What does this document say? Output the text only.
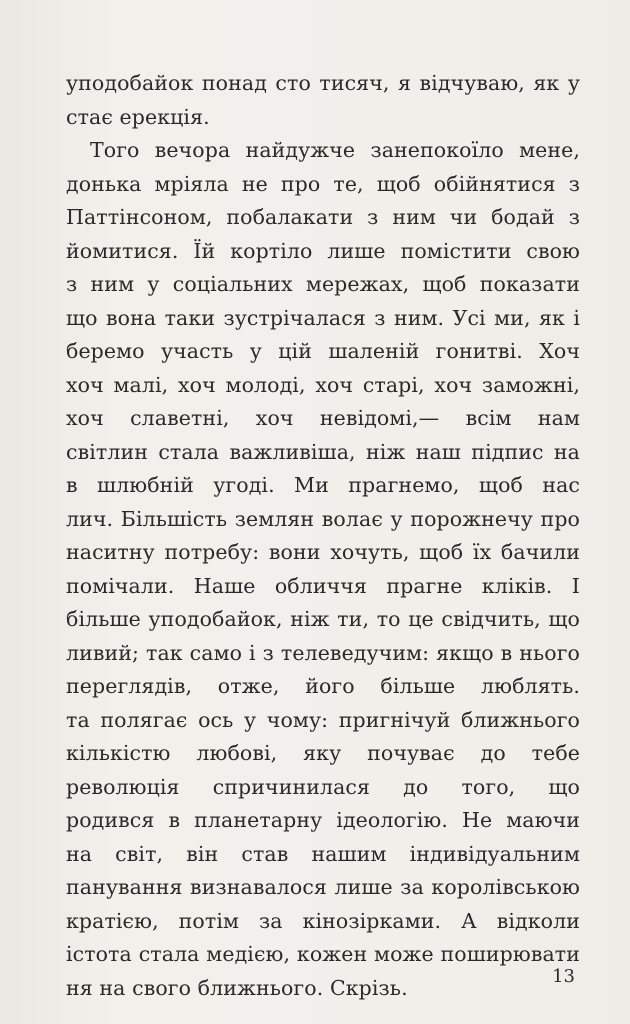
уподобайок понад сто тисяч, я відчуваю, як у
стає ерекція.
Того вечора найдужче занепокоїло мене,
донька мріяла не про те, щоб обійнятися з
Паттінсоном, побалакати з ним чи бодай з
йомитися. Їй кортіло лише помістити свою
з ним у соціальних мережах, щоб показати
що вона таки зустрічалася з ним. Усі ми, як і
беремо участь у цій шаленій гонитві. Хоч
хоч малі, хоч молоді, хоч старі, хоч заможні,
хоч славетні, хоч невідомі,— всім нам
світлин стала важливіша, ніж наш підпис на
в шлюбній угоді. Ми прагнемо, щоб нас
лич. Більшість землян волає у порожнечу про
наситну потребу: вони хочуть, щоб їх бачили
помічали. Наше обличчя прагне кліків. І
більше уподобайок, ніж ти, то це свідчить, що
ливий; так само і з телеведучим: якщо в нього
переглядів, отже, його більше люблять.
та полягає ось у чому: пригнічуй ближнього
кількістю любові, яку почуває до тебе
революція спричинилася до того, що
родився в планетарну ідеологію. Не маючи
на світ, він став нашим індивідуальним
панування визнавалося лише за королівською
кратією, потім за кінозірками. А відколи
істота стала медією, кожен може поширювати
ня на свого ближнього. Скрізь.	13
